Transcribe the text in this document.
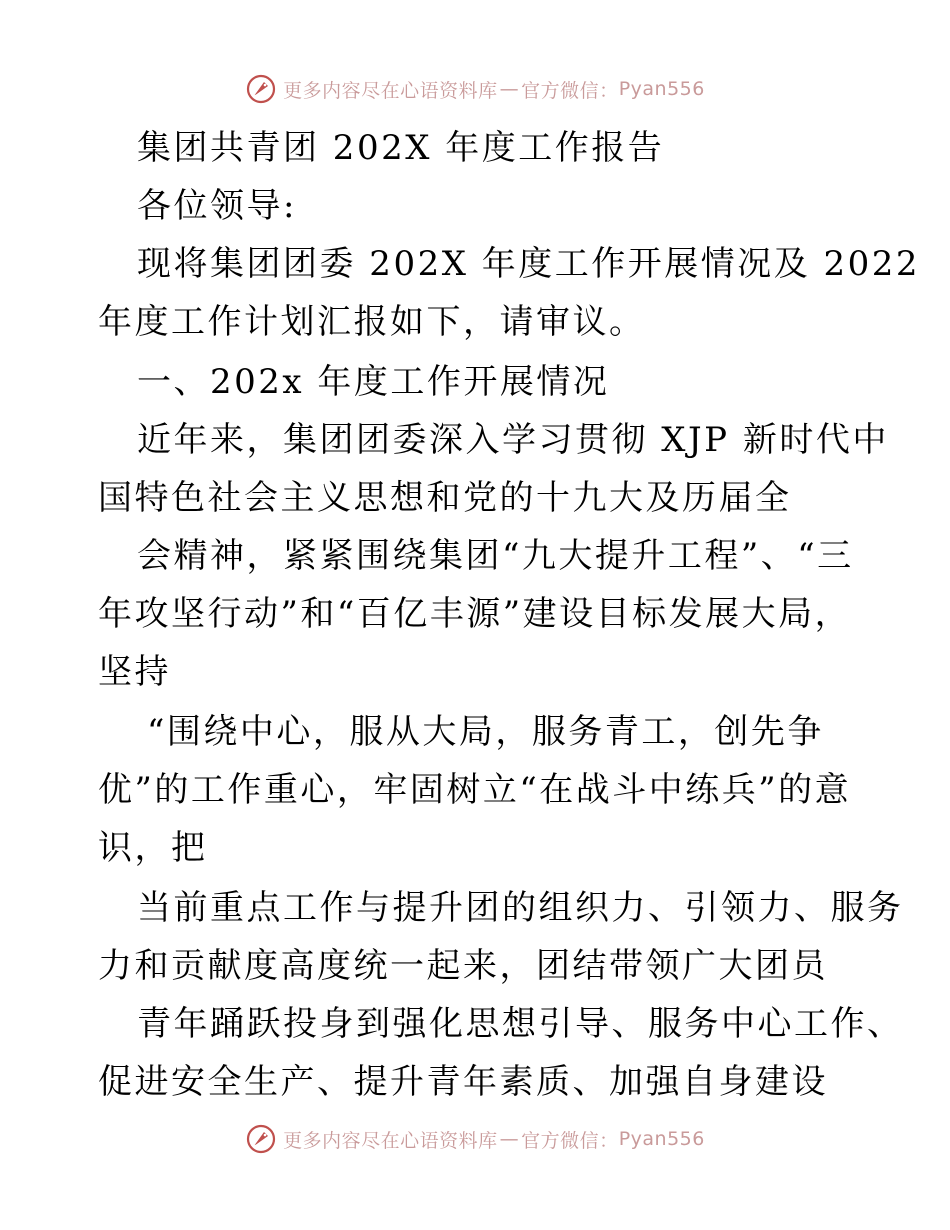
更多内容尽在心语资料库 — 官方微信： Pyan556
集团共青团 202X 年度工作报告
各位领导:
现将集团团委 202X 年度工作开展情况及 2022
年度工作计划汇报如下，请审议。
一、202x 年度工作开展情况
近年来，集团团委深入学习贯彻 XJP 新时代中
国特色社会主义思想和党的十九大及历届全
会精神，紧紧围绕集团“九大提升工程”、“三
年攻坚行动”和“百亿丰源”建设目标发展大局，
坚持
“围绕中心，服从大局，服务青工，创先争
优”的工作重心，牢固树立“在战斗中练兵”的意
识，把
当前重点工作与提升团的组织力、引领力、服务
力和贡献度高度统一起来，团结带领广大团员
青年踊跃投身到强化思想引导、服务中心工作、
促进安全生产、提升青年素质、加强自身建设
更多内容尽在心语资料库 — 官方微信： Pyan556
